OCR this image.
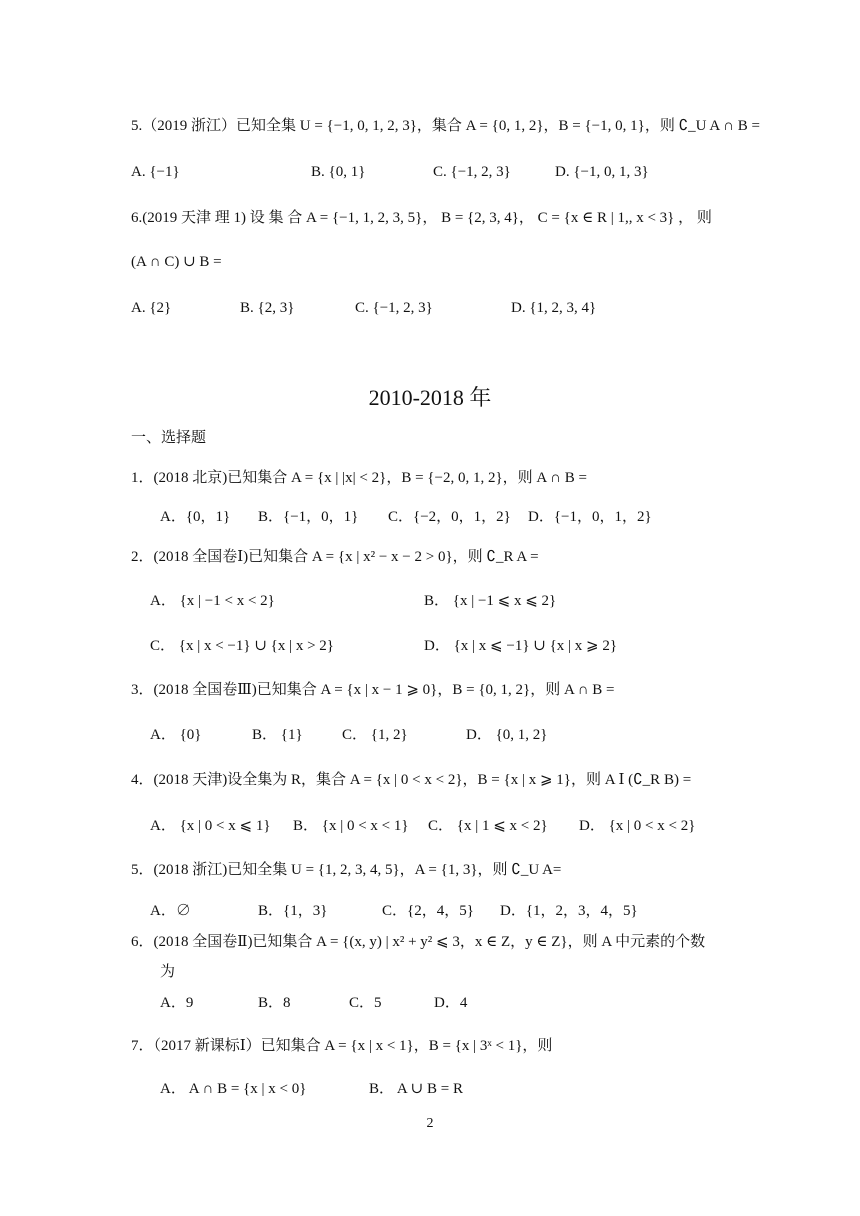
5.（2019 浙江）已知全集 U = {−1, 0, 1, 2, 3}，集合 A = {0, 1, 2}，B = {−1, 0, 1}，则 ∁_U A ∩ B =
A. {−1}	B. {0, 1}	C. {−1, 2, 3}	D. {−1, 0, 1, 3}
6.(2019 天津 理 1) 设 集 合 A = {−1, 1, 2, 3, 5}， B = {2, 3, 4}， C = {x ∈ R | 1,, x < 3} ， 则
(A ∩ C) ∪ B =
A. {2}	B. {2, 3}	C. {−1, 2, 3}	D. {1, 2, 3, 4}
2010-2018 年
一、选择题
1．(2018 北京)已知集合 A = {x | |x| < 2}，B = {−2, 0, 1, 2}，则 A ∩ B =
A．{0，1} B．{−1，0，1} C．{−2，0，1，2} D．{−1，0，1，2}
2．(2018 全国卷Ⅰ)已知集合 A = {x | x² − x − 2 > 0}，则 ∁_R A =
A． {x | −1 < x < 2}	B． {x | −1 ⩽ x ⩽ 2}
C． {x | x < −1} ∪ {x | x > 2}	D． {x | x ⩽ −1} ∪ {x | x ⩾ 2}
3．(2018 全国卷Ⅲ)已知集合 A = {x | x − 1 ⩾ 0}，B = {0, 1, 2}，则 A ∩ B =
A． {0}	B． {1}	C． {1, 2}	D． {0, 1, 2}
4．(2018 天津)设全集为 R，集合 A = {x | 0 < x < 2}，B = {x | x ⩾ 1}，则 A Ⅰ (∁_R B) =
A． {x | 0 < x ⩽ 1} B． {x | 0 < x < 1} C． {x | 1 ⩽ x < 2} D． {x | 0 < x < 2}
5．(2018 浙江)已知全集 U = {1, 2, 3, 4, 5}，A = {1, 3}，则 ∁_U A=
A．∅	B．{1，3}	C．{2，4，5} D．{1，2，3，4，5}
6．(2018 全国卷Ⅱ)已知集合 A = {(x, y) | x² + y² ⩽ 3，x ∈ Z，y ∈ Z}，则 A 中元素的个数
为
A．9	B．8	C．5	D．4
7．（2017 新课标Ⅰ）已知集合 A = {x | x < 1}，B = {x | 3ˣ < 1}，则
A． A ∩ B = {x | x < 0}	B． A ∪ B = R
2
